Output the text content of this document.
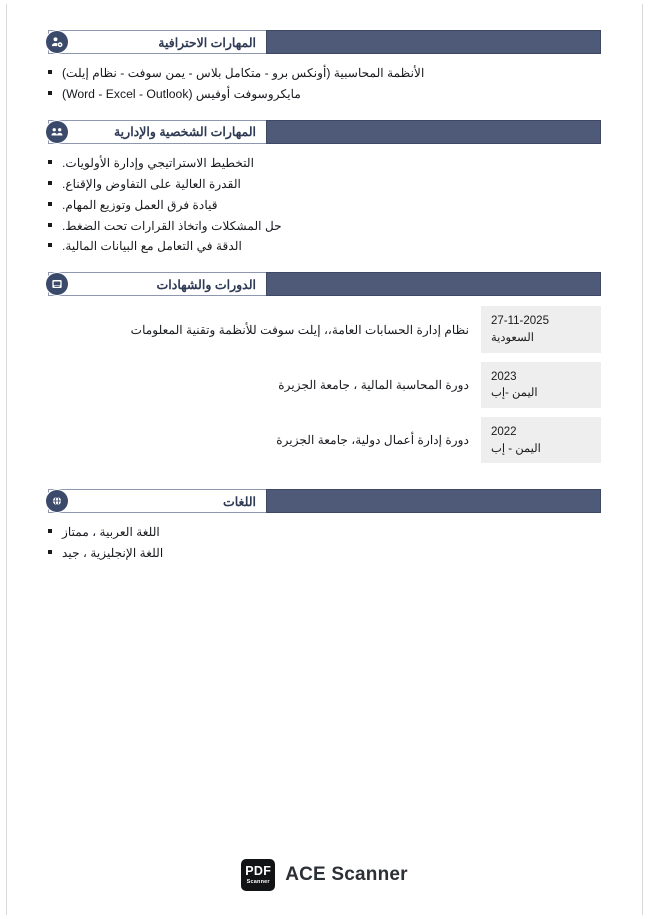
المهارات الاحترافية
الأنظمة المحاسبية (أونكس برو - متكامل بلاس - يمن سوفت - نظام إيلت)
مايكروسوفت أوفيس (Word - Excel - Outlook)
المهارات الشخصية والإدارية
التخطيط الاستراتيجي وإدارة الأولويات.
القدرة العالية على التفاوض والإقناع.
قيادة فرق العمل وتوزيع المهام.
حل المشكلات واتخاذ القرارات تحت الضغط.
الدقة في التعامل مع البيانات المالية.
الدورات والشهادات
27-11-2025
السعودية
نظام إدارة الحسابات العامة،، إيلت سوفت للأنظمة وتقنية المعلومات
2023
اليمن -إب
دورة المحاسبة المالية ، جامعة الجزيرة
2022
اليمن - إب
دورة إدارة أعمال دولية، جامعة الجزيرة
اللغات
اللغة العربية ، ممتاز
اللغة الإنجليزية ، جيد
PDF
Scanner ACE Scanner
